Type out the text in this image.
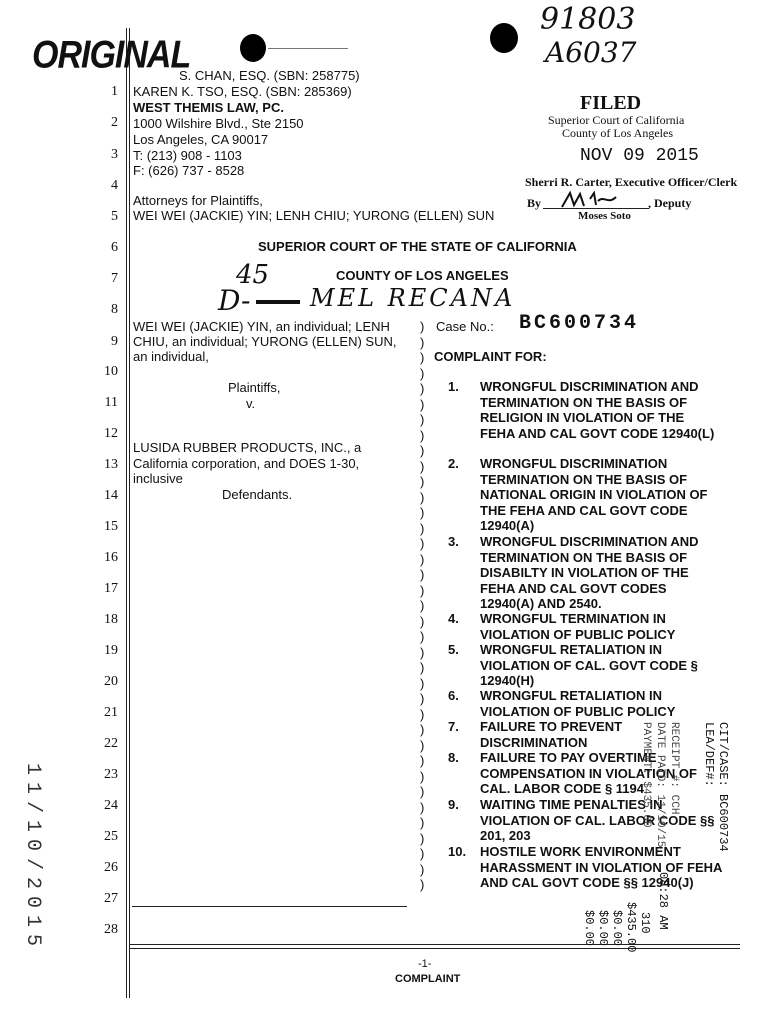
ORIGINAL
91803
A6037
S. CHAN, ESQ. (SBN: 258775)
KAREN K. TSO, ESQ. (SBN: 285369)
WEST THEMIS LAW, PC.
1000 Wilshire Blvd., Ste 2150
Los Angeles, CA 90017
T: (213) 908 - 1103
F: (626) 737 - 8528
Attorneys for Plaintiffs,
WEI WEI (JACKIE) YIN; LENH CHIU; YURONG (ELLEN) SUN
FILED
Superior Court of California
County of Los Angeles
NOV 09 2015
Sherri R. Carter, Executive Officer/Clerk
By	, Deputy
Moses Soto
SUPERIOR COURT OF THE STATE OF CALIFORNIA
45	COUNTY OF LOS ANGELES
D- MEL RECANA
WEI WEI (JACKIE) YIN, an individual; LENH
CHIU, an individual; YURONG (ELLEN) SUN,
an individual,
Plaintiffs,
v.
LUSIDA RUBBER PRODUCTS, INC., a
California corporation, and DOES 1-30,
inclusive
Defendants.
Case No.: BC600734
COMPLAINT FOR:
)
)
)
)
)
)
)
)
)
)
)
)
)
)
)
)
)
)
)
)
)
)
)
)
)
)
)
)
)
)
)
)
)
)
)
)
)
1. WRONGFUL DISCRIMINATION AND TERMINATION ON THE BASIS OF RELIGION IN VIOLATION OF THE FEHA AND CAL GOVT CODE 12940(L)
2. WRONGFUL DISCRIMINATION TERMINATION ON THE BASIS OF NATIONAL ORIGIN IN VIOLATION OF THE FEHA AND CAL GOVT CODE 12940(A)
3. WRONGFUL DISCRIMINATION AND TERMINATION ON THE BASIS OF DISABILTY IN VIOLATION OF THE FEHA AND CAL GOVT CODES 12940(A) AND 2540.
4. WRONGFUL TERMINATION IN VIOLATION OF PUBLIC POLICY
5. WRONGFUL RETALIATION IN VIOLATION OF CAL. GOVT CODE § 12940(H)
6. WRONGFUL RETALIATION IN VIOLATION OF PUBLIC POLICY
7. FAILURE TO PREVENT DISCRIMINATION
8. FAILURE TO PAY OVERTIME COMPENSATION IN VIOLATION OF CAL. LABOR CODE § 1194
9. WAITING TIME PENALTIES IN VIOLATION OF CAL. LABOR CODE §§ 201, 203
10. HOSTILE WORK ENVIRONMENT HARASSMENT IN VIOLATION OF FEHA AND CAL GOVT CODE §§ 12940(J)
1
2
3
4
5
6
7
8
9
10
11
12
13
14
15
16
17
18
19
20
21
22
23
24
25
26
27
28
11/10/2015	CIT/CASE: BC600734
LEA/DEF#:
RECEIPT #: CCH
DATE PAID: 11/10/15
PAYMENT: $435.00
08:28 AM
310
$435.00
$0.00
$0.00
$0.00
-1-
COMPLAINT
